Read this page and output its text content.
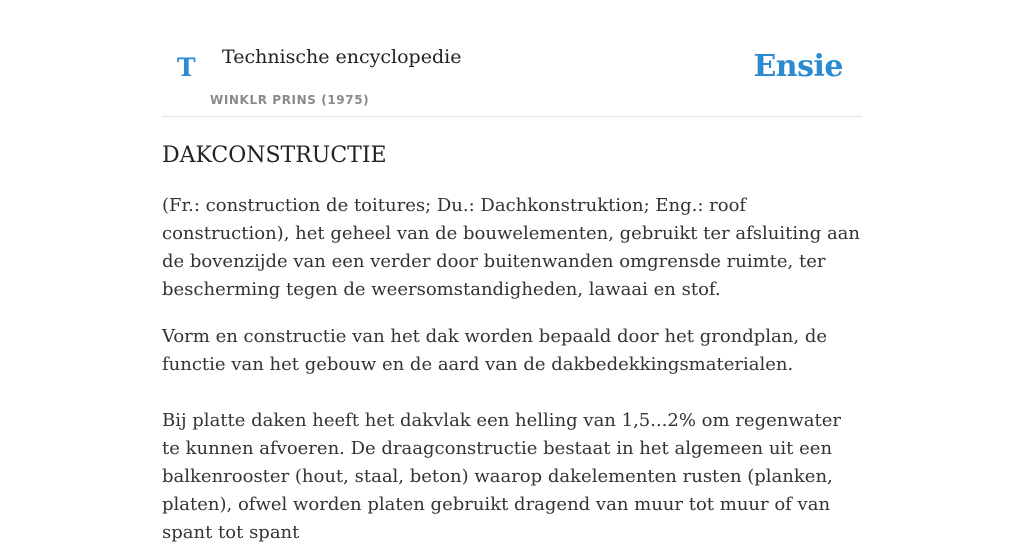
T Technische encyclopedie
WINKLR PRINS (1975)
Ensie
DAKCONSTRUCTIE

(Fr.: construction de toitures; Du.: Dachkonstruktion; Eng.: roof construction), het geheel van de bouwelementen, gebruikt ter afsluiting aan de bovenzijde van een verder door buitenwanden omgrensde ruimte, ter bescherming tegen de weersomstandigheden, lawaai en stof.

Vorm en constructie van het dak worden bepaald door het grondplan, de functie van het gebouw en de aard van de dakbedekkingsmaterialen.

Bij platte daken heeft het dakvlak een helling van 1,5...2% om regenwater te kunnen afvoeren. De draagconstructie bestaat in het algemeen uit een balkenrooster (hout, staal, beton) waarop dakelementen rusten (planken, platen), ofwel worden platen gebruikt dragend van muur tot muur of van spant tot spant
